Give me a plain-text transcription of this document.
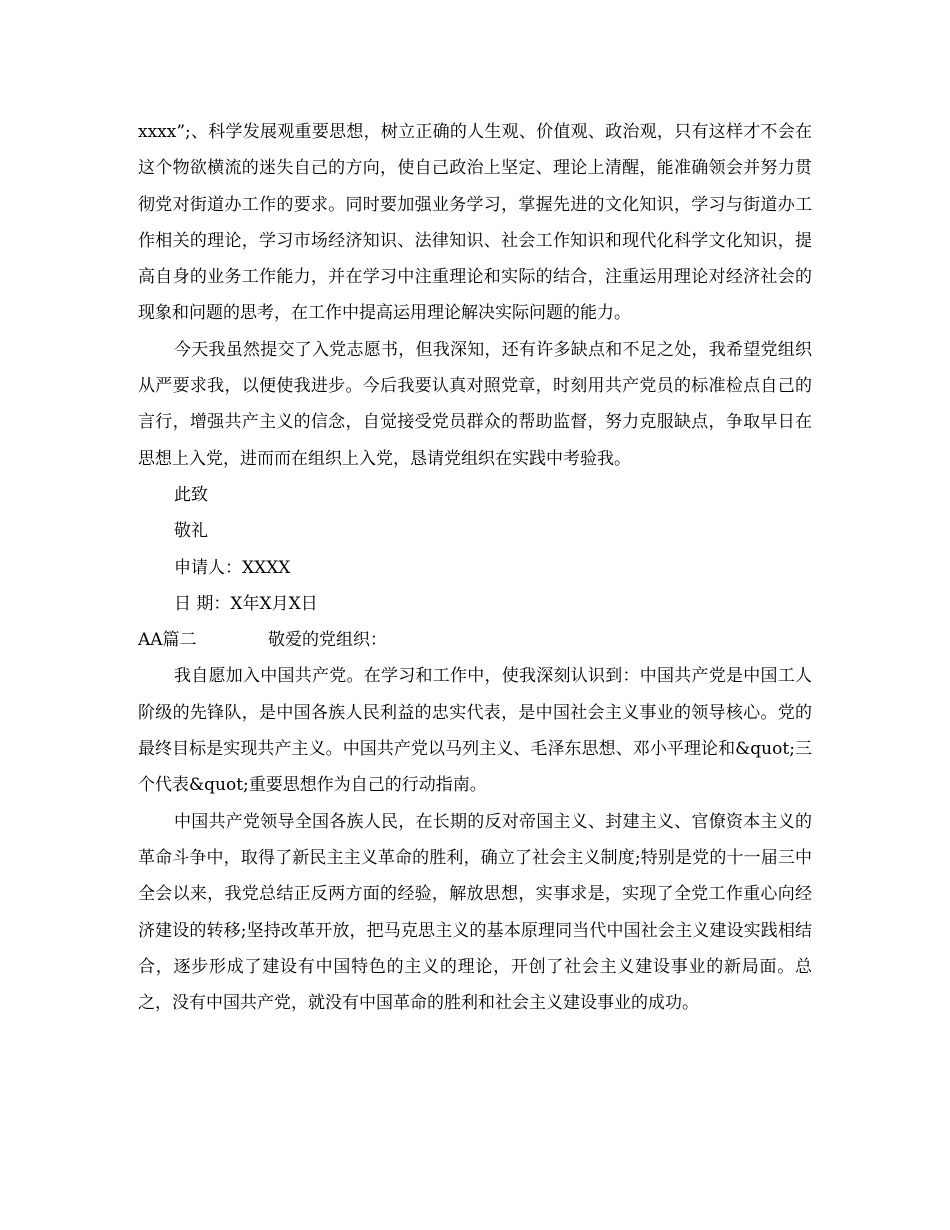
xxxx”;、科学发展观重要思想，树立正确的人生观、价值观、政治观，只有这样才不会在这个物欲横流的迷失自己的方向，使自己政治上坚定、理论上清醒，能准确领会并努力贯彻党对街道办工作的要求。同时要加强业务学习，掌握先进的文化知识，学习与街道办工作相关的理论，学习市场经济知识、法律知识、社会工作知识和现代化科学文化知识，提高自身的业务工作能力，并在学习中注重理论和实际的结合，注重运用理论对经济社会的现象和问题的思考，在工作中提高运用理论解决实际问题的能力。

今天我虽然提交了入党志愿书，但我深知，还有许多缺点和不足之处，我希望党组织从严要求我，以便使我进步。今后我要认真对照党章，时刻用共产党员的标准检点自己的言行，增强共产主义的信念，自觉接受党员群众的帮助监督，努力克服缺点，争取早日在思想上入党，进而而在组织上入党，恳请党组织在实践中考验我。

此致

敬礼

申请人：XXXX

日 期：X年X月X日

AA篇二	敬爱的党组织：

我自愿加入中国共产党。在学习和工作中，使我深刻认识到：中国共产党是中国工人阶级的先锋队，是中国各族人民利益的忠实代表，是中国社会主义事业的领导核心。党的最终目标是实现共产主义。中国共产党以马列主义、毛泽东思想、邓小平理论和&quot;三个代表&quot;重要思想作为自己的行动指南。

中国共产党领导全国各族人民，在长期的反对帝国主义、封建主义、官僚资本主义的革命斗争中，取得了新民主主义革命的胜利，确立了社会主义制度;特别是党的十一届三中全会以来，我党总结正反两方面的经验，解放思想，实事求是，实现了全党工作重心向经济建设的转移;坚持改革开放，把马克思主义的基本原理同当代中国社会主义建设实践相结合，逐步形成了建设有中国特色的主义的理论，开创了社会主义建设事业的新局面。总之，没有中国共产党，就没有中国革命的胜利和社会主义建设事业的成功。
